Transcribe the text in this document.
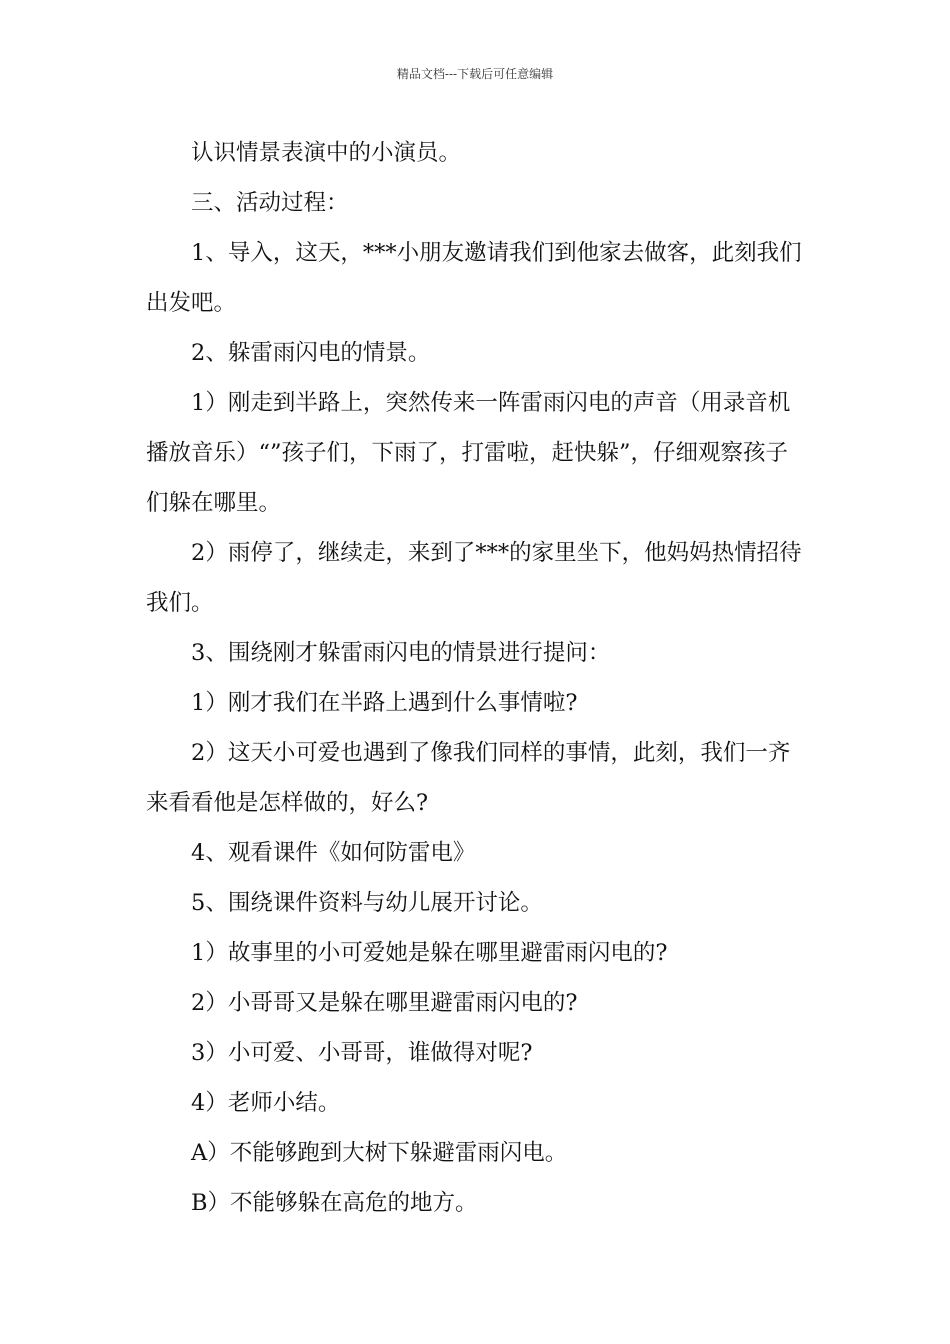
精品文档---下载后可任意编辑

认识情景表演中的小演员。

三、活动过程：

1、导入，这天，***小朋友邀请我们到他家去做客，此刻我们出发吧。

2、躲雷雨闪电的情景。

1）刚走到半路上，突然传来一阵雷雨闪电的声音（用录音机播放音乐）“”孩子们，下雨了，打雷啦，赶快躲”，仔细观察孩子们躲在哪里。

2）雨停了，继续走，来到了***的家里坐下，他妈妈热情招待我们。

3、围绕刚才躲雷雨闪电的情景进行提问：

1）刚才我们在半路上遇到什么事情啦?

2）这天小可爱也遇到了像我们同样的事情，此刻，我们一齐来看看他是怎样做的，好么?

4、观看课件《如何防雷电》

5、围绕课件资料与幼儿展开讨论。

1）故事里的小可爱她是躲在哪里避雷雨闪电的?

2）小哥哥又是躲在哪里避雷雨闪电的?

3）小可爱、小哥哥，谁做得对呢?

4）老师小结。

A）不能够跑到大树下躲避雷雨闪电。

B）不能够躲在高危的地方。
